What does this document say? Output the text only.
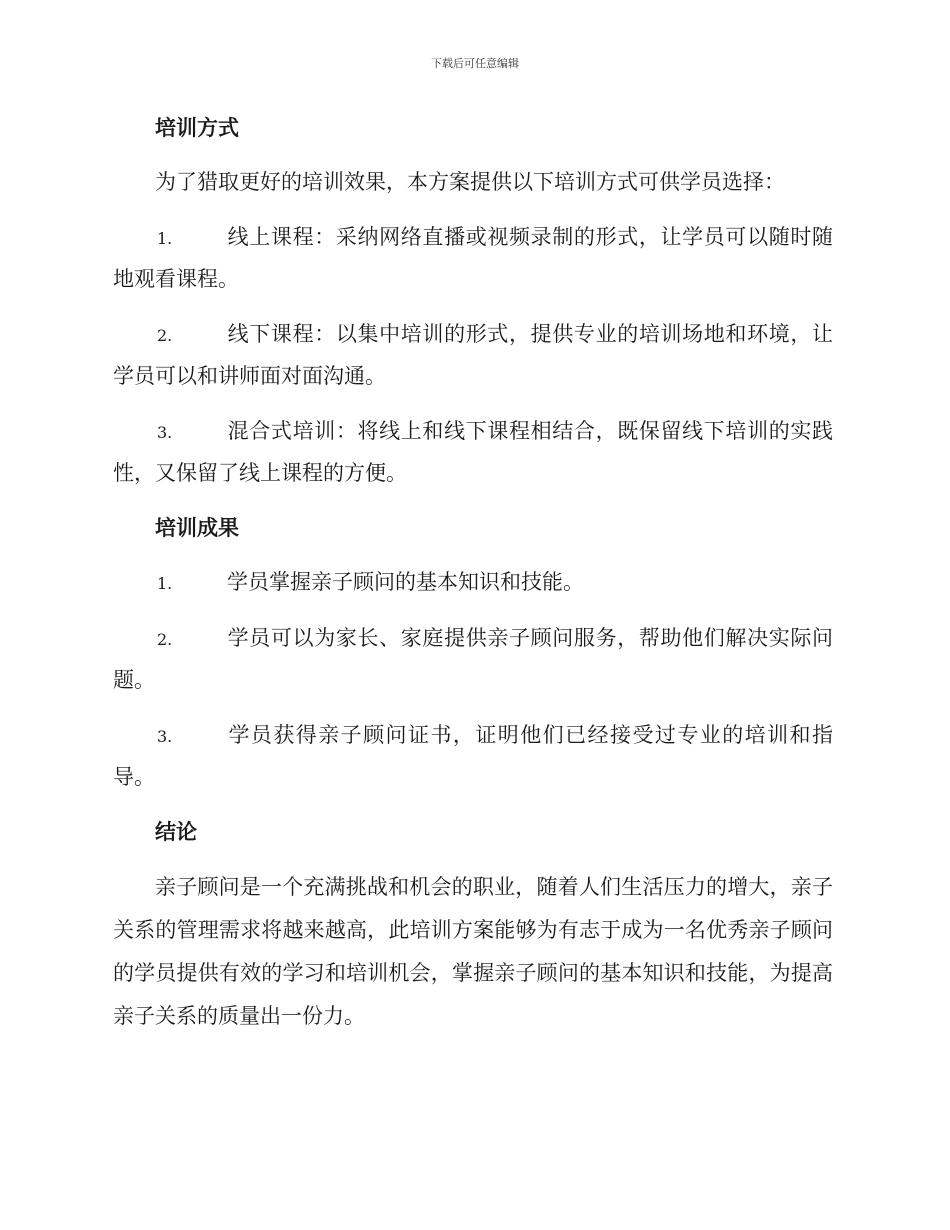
下载后可任意编辑
培训方式

为了猎取更好的培训效果，本方案提供以下培训方式可供学员选择：

1.	线上课程：采纳网络直播或视频录制的形式，让学员可以随时随地观看课程。

2.	线下课程：以集中培训的形式，提供专业的培训场地和环境，让学员可以和讲师面对面沟通。

3.	混合式培训：将线上和线下课程相结合，既保留线下培训的实践性，又保留了线上课程的方便。

培训成果

1.	学员掌握亲子顾问的基本知识和技能。

2.	学员可以为家长、家庭提供亲子顾问服务，帮助他们解决实际问题。

3.	学员获得亲子顾问证书，证明他们已经接受过专业的培训和指导。

结论

亲子顾问是一个充满挑战和机会的职业，随着人们生活压力的增大，亲子关系的管理需求将越来越高，此培训方案能够为有志于成为一名优秀亲子顾问的学员提供有效的学习和培训机会，掌握亲子顾问的基本知识和技能，为提高亲子关系的质量出一份力。
